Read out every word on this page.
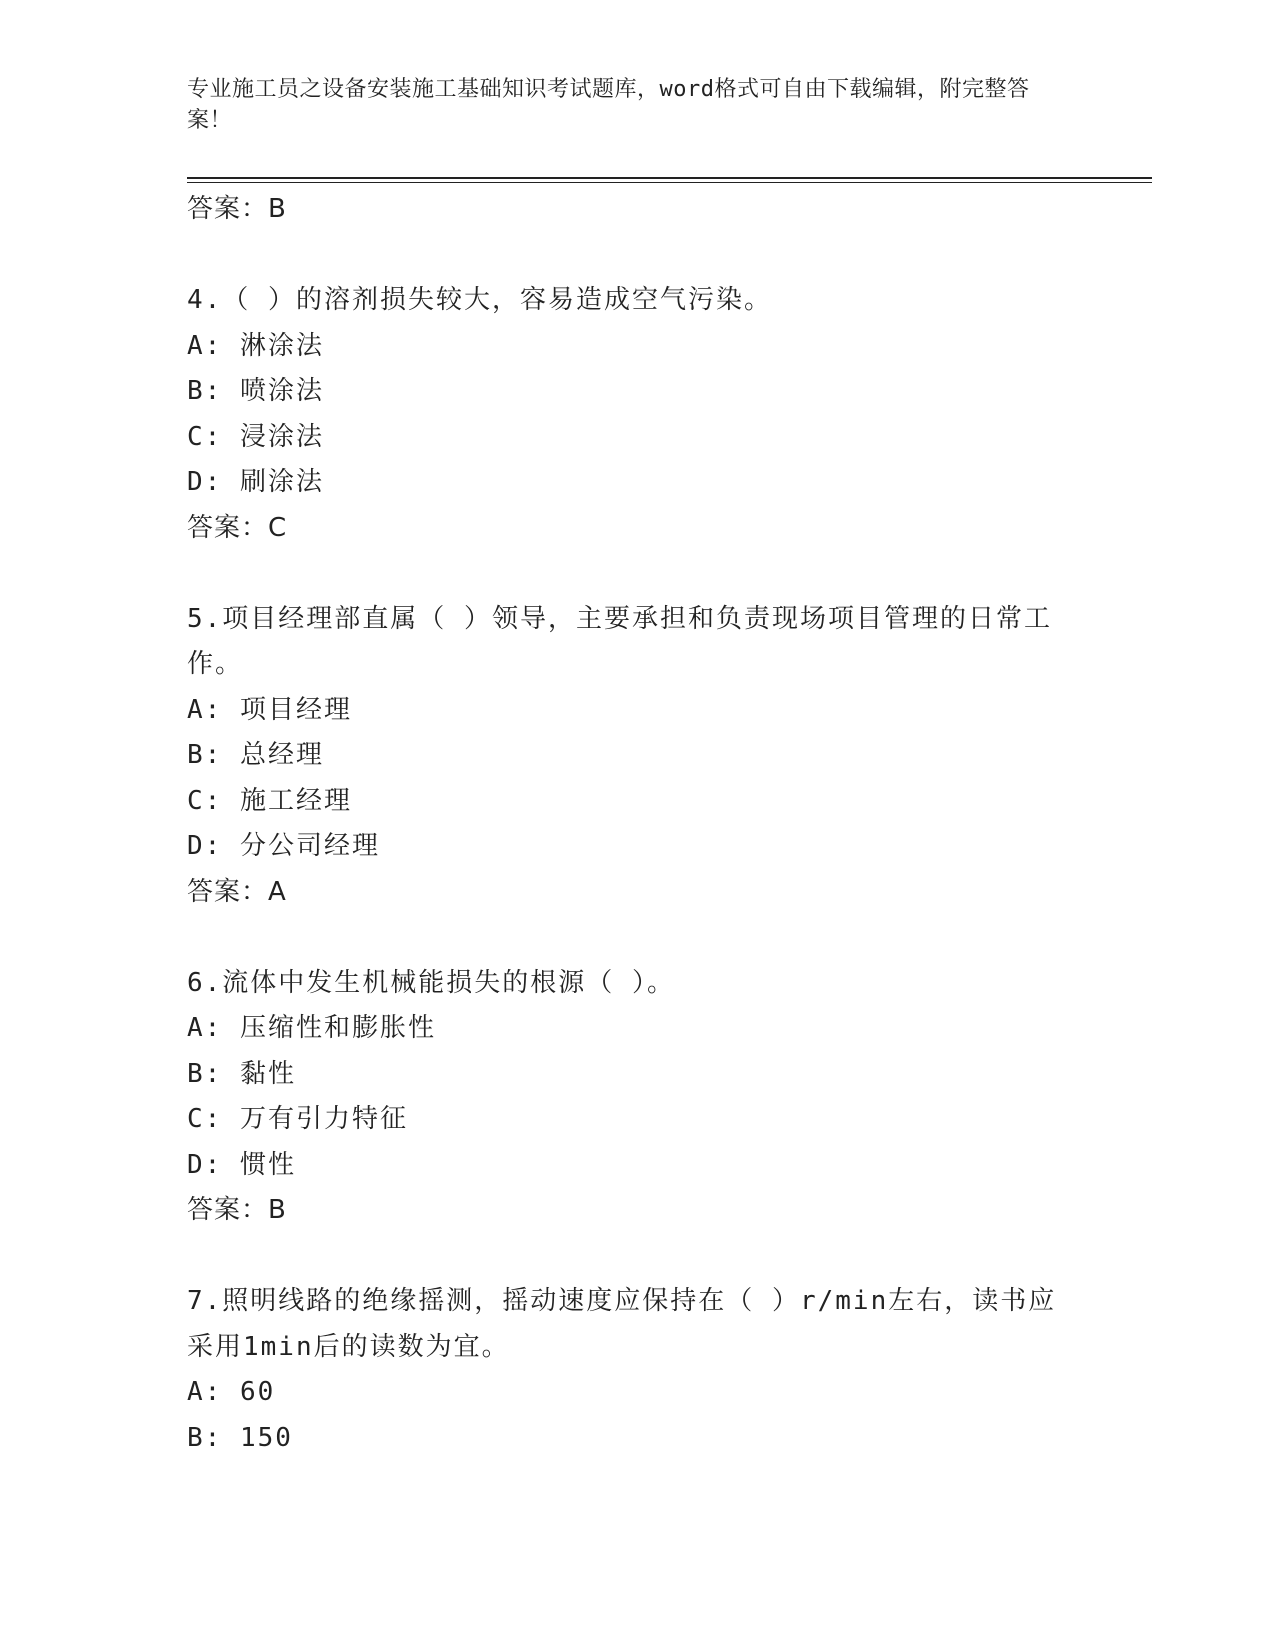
专业施工员之设备安装施工基础知识考试题库，word格式可自由下载编辑，附完整答案！
答案：B
4.（ ）的溶剂损失较大，容易造成空气污染。
A: 淋涂法
B: 喷涂法
C: 浸涂法
D: 刷涂法
答案：C
5.项目经理部直属（ ）领导，主要承担和负责现场项目管理的日常工作。
A: 项目经理
B: 总经理
C: 施工经理
D: 分公司经理
答案：A
6.流体中发生机械能损失的根源（ ）。
A: 压缩性和膨胀性
B: 黏性
C: 万有引力特征
D: 惯性
答案：B
7.照明线路的绝缘摇测，摇动速度应保持在（ ）r/min左右，读书应采用1min后的读数为宜。
A: 60
B: 150
